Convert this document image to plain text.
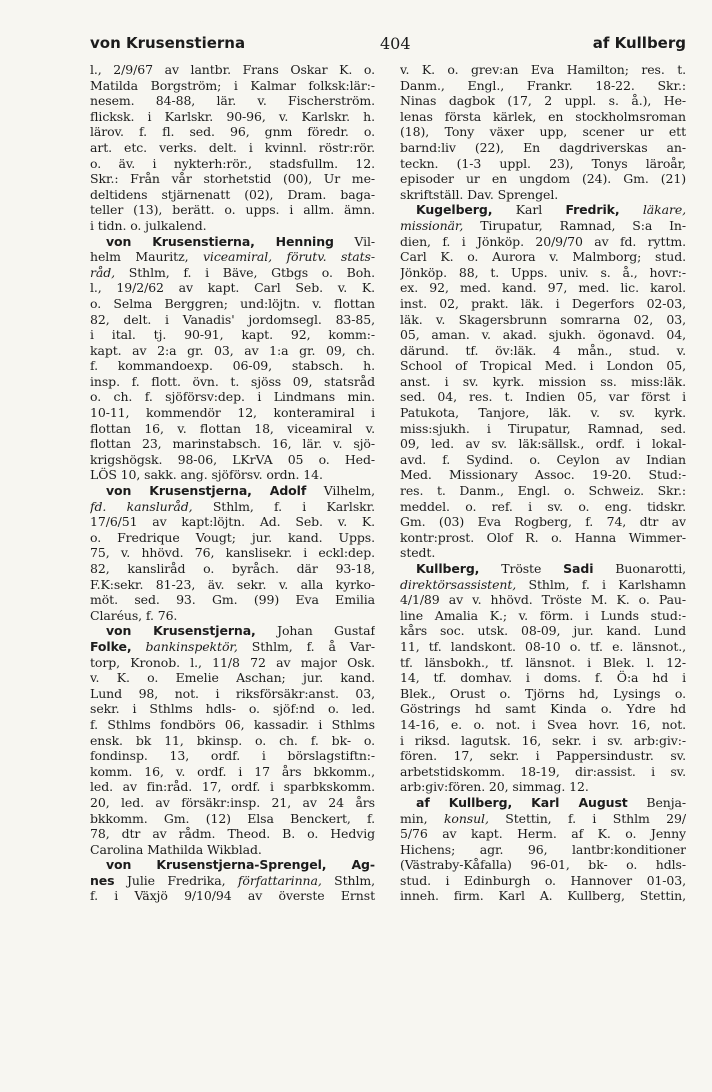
von Krusenstierna	404	af Kullberg
l., 2/9/67 av lantbr. Frans Oskar K. o.
Matilda Borgström; i Kalmar folksk:lär:-
nesem. 84-88, lär. v. Fischerström.
flicksk. i Karlskr. 90-96, v. Karlskr. h.
lärov. f. fl. sed. 96, gnm föredr. o.
art. etc. verks. delt. i kvinnl. röstr:rör.
o. äv. i nykterh:rör., stadsfullm. 12.
Skr.: Från vår storhetstid (00), Ur me-
deltidens stjärnenatt (02), Dram. baga-
teller (13), berätt. o. upps. i allm. ämn.
i tidn. o. julkalend.
von Krusenstierna, Henning Vil-
helm Mauritz, viceamiral, förutv. stats-
råd, Sthlm, f. i Bäve, Gtbgs o. Boh.
l., 19/2/62 av kapt. Carl Seb. v. K.
o. Selma Berggren; und:löjtn. v. flottan
82, delt. i Vanadis' jordomsegl. 83-85,
i ital. tj. 90-91, kapt. 92, komm:-
kapt. av 2:a gr. 03, av 1:a gr. 09, ch.
f. kommandoexp. 06-09, stabsch. h.
insp. f. flott. övn. t. sjöss 09, statsråd
o. ch. f. sjöförsv:dep. i Lindmans min.
10-11, kommendör 12, konteramiral i
flottan 16, v. flottan 18, viceamiral v.
flottan 23, marinstabsch. 16, lär. v. sjö-
krigshögsk. 98-06, LKrVA 05 o. Hed-
LÖS 10, sakk. ang. sjöförsv. ordn. 14.
von Krusenstjerna, Adolf Vilhelm,
fd. kanslиråd, Sthlm, f. i Karlskr.
17/6/51 av kapt:löjtn. Ad. Seb. v. K.
o. Fredrique Vougt; jur. kand. Upps.
75, v. hhövd. 76, kanslisekr. i eckl:dep.
82, kansliråd o. byråch. där 93-18,
F.K:sekr. 81-23, äv. sekr. v. alla kyrko-
möt. sed. 93. Gm. (99) Eva Emilia
Claréus, f. 76.
von Krusenstjerna, Johan Gustaf
Folke, bankinspektör, Sthlm, f. å Var-
torp, Kronob. l., 11/8 72 av major Osk.
v. K. o. Emelie Aschan; jur. kand.
Lund 98, not. i riksförsäkr:anst. 03,
sekr. i Sthlms hdls- o. sjöf:nd o. led.
f. Sthlms fondbörs 06, kassadir. i Sthlms
ensk. bk 11, bkinsp. o. ch. f. bk- o.
fondinsp. 13, ordf. i börslagstiftn:-
komm. 16, v. ordf. i 17 års bkkomm.,
led. av fin:råd. 17, ordf. i sparbkskomm.
20, led. av försäkr:insp. 21, av 24 års
bkkomm. Gm. (12) Elsa Benckert, f.
78, dtr av rådm. Theod. B. o. Hedvig
Carolina Mathilda Wikblad.
von Krusenstjerna-Sprengel, Ag-
nes Julie Fredrika, författarinna, Sthlm,
f. i Växjö 9/10/94 av överste Ernst
v. K. o. grev:an Eva Hamilton; res. t.
Danm., Engl., Frankr. 18-22. Skr.:
Ninas dagbok (17, 2 uppl. s. å.), He-
lenas första kärlek, en stockholmsroman
(18), Tony växer upp, scener ur ett
barnd:liv (22), En dagdriverskas an-
teckn. (1-3 uppl. 23), Tonys läroår,
episoder ur en ungdom (24). Gm. (21)
skriftställ. Dav. Sprengel.
Kugelberg, Karl Fredrik, läkare,
missionär, Tirupatur, Ramnad, S:a In-
dien, f. i Jönköp. 20/9/70 av fd. ryttm.
Carl K. o. Aurora v. Malmborg; stud.
Jönköp. 88, t. Upps. univ. s. å., hovr:-
ex. 92, med. kand. 97, med. lic. karol.
inst. 02, prakt. läk. i Degerfors 02-03,
läk. v. Skagersbrunn somrarna 02, 03,
05, aman. v. akad. sjukh. ögonavd. 04,
därund. tf. öv:läk. 4 mån., stud. v.
School of Tropical Med. i London 05,
anst. i sv. kyrk. mission ss. miss:läk.
sed. 04, res. t. Indien 05, var först i
Patukota, Tanjore, läk. v. sv. kyrk.
miss:sjukh. i Tirupatur, Ramnad, sed.
09, led. av sv. läk:sällsk., ordf. i lokal-
avd. f. Sydind. o. Ceylon av Indian
Med. Missionary Assoc. 19-20. Stud:-
res. t. Danm., Engl. o. Schweiz. Skr.:
meddel. o. ref. i sv. o. eng. tidskr.
Gm. (03) Eva Rogberg, f. 74, dtr av
kontr:prost. Olof R. o. Hanna Wimmer-
stedt.
Kullberg, Tröste Sadi Buonarotti,
direktörsassistent, Sthlm, f. i Karlshamn
4/1/89 av v. hhövd. Tröste M. K. o. Pau-
line Amalia K.; v. förm. i Lunds stud:-
kårs soc. utsk. 08-09, jur. kand. Lund
11, tf. landskont. 08-10 o. tf. e. länsnot.,
tf. länsbokh., tf. länsnot. i Blek. l. 12-
14, tf. domhav. i doms. f. Ö:a hd i
Blek., Orust o. Tjörns hd, Lysings o.
Göstrings hd samt Kinda o. Ydre hd
14-16, e. o. not. i Svea hovr. 16, not.
i riksd. lagutsk. 16, sekr. i sv. arb:giv:-
fören. 17, sekr. i Pappersindustr. sv.
arbetstidskomm. 18-19, dir:assist. i sv.
arb:giv:fören. 20, simmag. 12.
af Kullberg, Karl August Benja-
min, konsul, Stettin, f. i Sthlm 29/
5/76 av kapt. Herm. af K. o. Jenny
Hichens; agr. 96, lantbr:konditioner
(Västraby-Kåfalla) 96-01, bk- o. hdls-
stud. i Edinburgh o. Hannover 01-03,
inneh. firm. Karl A. Kullberg, Stettin,
